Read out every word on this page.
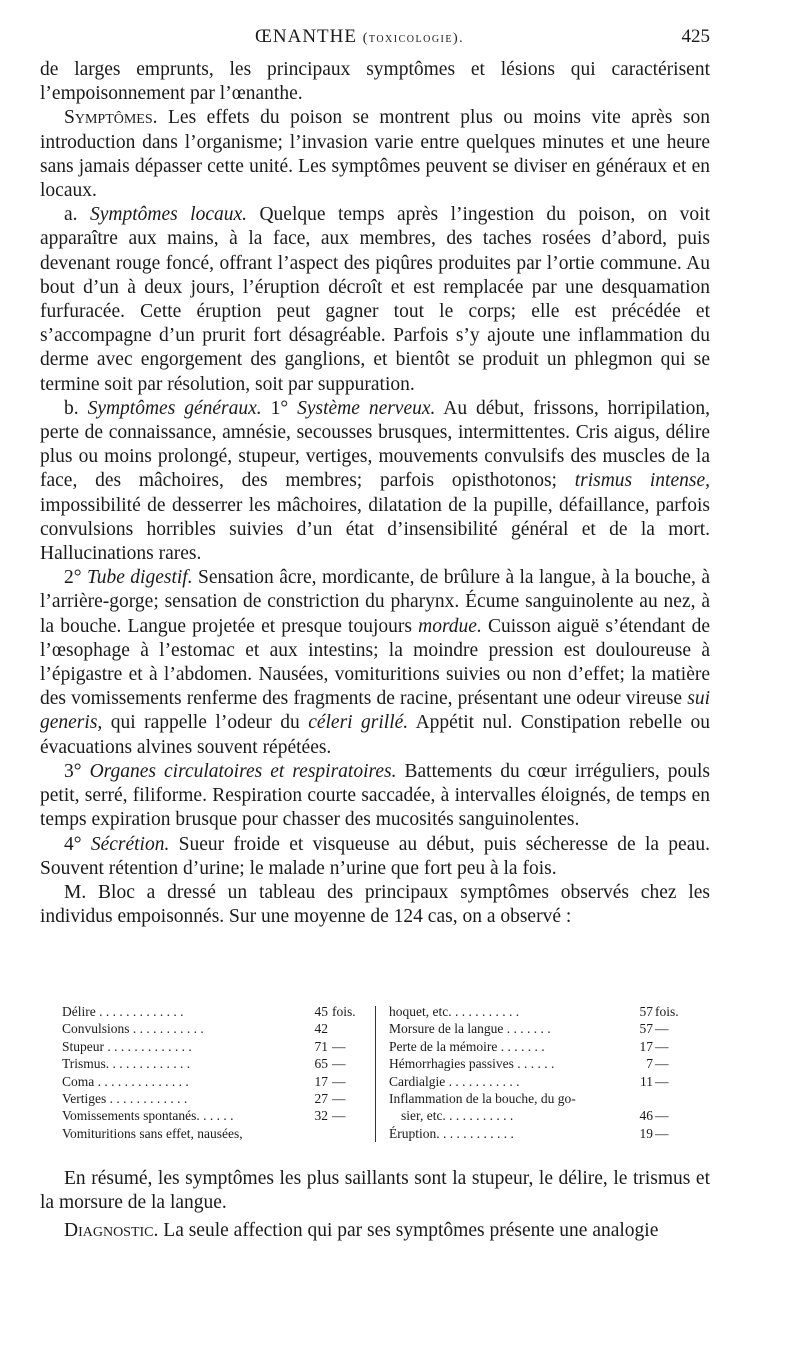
ŒNANTHE (toxicologie).	425

de larges emprunts, les principaux symptômes et lésions qui caractérisent l’empoisonnement par l’œnanthe.

Symptômes. Les effets du poison se montrent plus ou moins vite après son introduction dans l’organisme; l’invasion varie entre quelques minutes et une heure sans jamais dépasser cette unité. Les symptômes peuvent se diviser en généraux et en locaux.

a. Symptômes locaux. Quelque temps après l’ingestion du poison, on voit apparaître aux mains, à la face, aux membres, des taches rosées d’abord, puis devenant rouge foncé, offrant l’aspect des piqûres produites par l’ortie commune. Au bout d’un à deux jours, l’éruption décroît et est remplacée par une desquamation furfuracée. Cette éruption peut gagner tout le corps; elle est précédée et s’accompagne d’un prurit fort désagréable. Parfois s’y ajoute une inflammation du derme avec engorgement des ganglions, et bientôt se produit un phlegmon qui se termine soit par résolution, soit par suppuration.

b. Symptômes généraux. 1° Système nerveux. Au début, frissons, horripilation, perte de connaissance, amnésie, secousses brusques, intermittentes. Cris aigus, délire plus ou moins prolongé, stupeur, vertiges, mouvements convulsifs des muscles de la face, des mâchoires, des membres; parfois opisthotonos; trismus intense, impossibilité de desserrer les mâchoires, dilatation de la pupille, défaillance, parfois convulsions horribles suivies d’un état d’insensibilité général et de la mort. Hallucinations rares.

2° Tube digestif. Sensation âcre, mordicante, de brûlure à la langue, à la bouche, à l’arrière-gorge; sensation de constriction du pharynx. Écume sanguinolente au nez, à la bouche. Langue projetée et presque toujours mordue. Cuisson aiguë s’étendant de l’œsophage à l’estomac et aux intestins; la moindre pression est douloureuse à l’épigastre et à l’abdomen. Nausées, vomituritions suivies ou non d’effet; la matière des vomissements renferme des fragments de racine, présentant une odeur vireuse sui generis, qui rappelle l’odeur du céleri grillé. Appétit nul. Constipation rebelle ou évacuations alvines souvent répétées.

3° Organes circulatoires et respiratoires. Battements du cœur irréguliers, pouls petit, serré, filiforme. Respiration courte saccadée, à intervalles éloignés, de temps en temps expiration brusque pour chasser des mucosités sanguinolentes.

4° Sécrétion. Sueur froide et visqueuse au début, puis sécheresse de la peau. Souvent rétention d’urine; le malade n’urine que fort peu à la fois.

M. Bloc a dressé un tableau des principaux symptômes observés chez les individus empoisonnés. Sur une moyenne de 124 cas, on a observé :

Délire . . . . . . . . . . . . .	45 fois.
Convulsions . . . . . . . . . . .	42
Stupeur . . . . . . . . . . . . .	71 —
Trismus. . . . . . . . . . . . .	65 —
Coma . . . . . . . . . . . . . .	17 —
Vertiges . . . . . . . . . . . .	27 —
Vomissements spontanés. . . . . .	32 —
Vomituritions sans effet, nausées,
hoquet, etc. . . . . . . . . . .	57 fois.
Morsure de la langue . . . . . . .	57 —
Perte de la mémoire . . . . . . .	17 —
Hémorrhagies passives . . . . . .	7 —
Cardialgie . . . . . . . . . . .	11 —
Inflammation de la bouche, du go-
sier, etc. . . . . . . . . . .	46 —
Éruption. . . . . . . . . . . .	19 —

En résumé, les symptômes les plus saillants sont la stupeur, le délire, le trismus et la morsure de la langue.

Diagnostic. La seule affection qui par ses symptômes présente une analogie
